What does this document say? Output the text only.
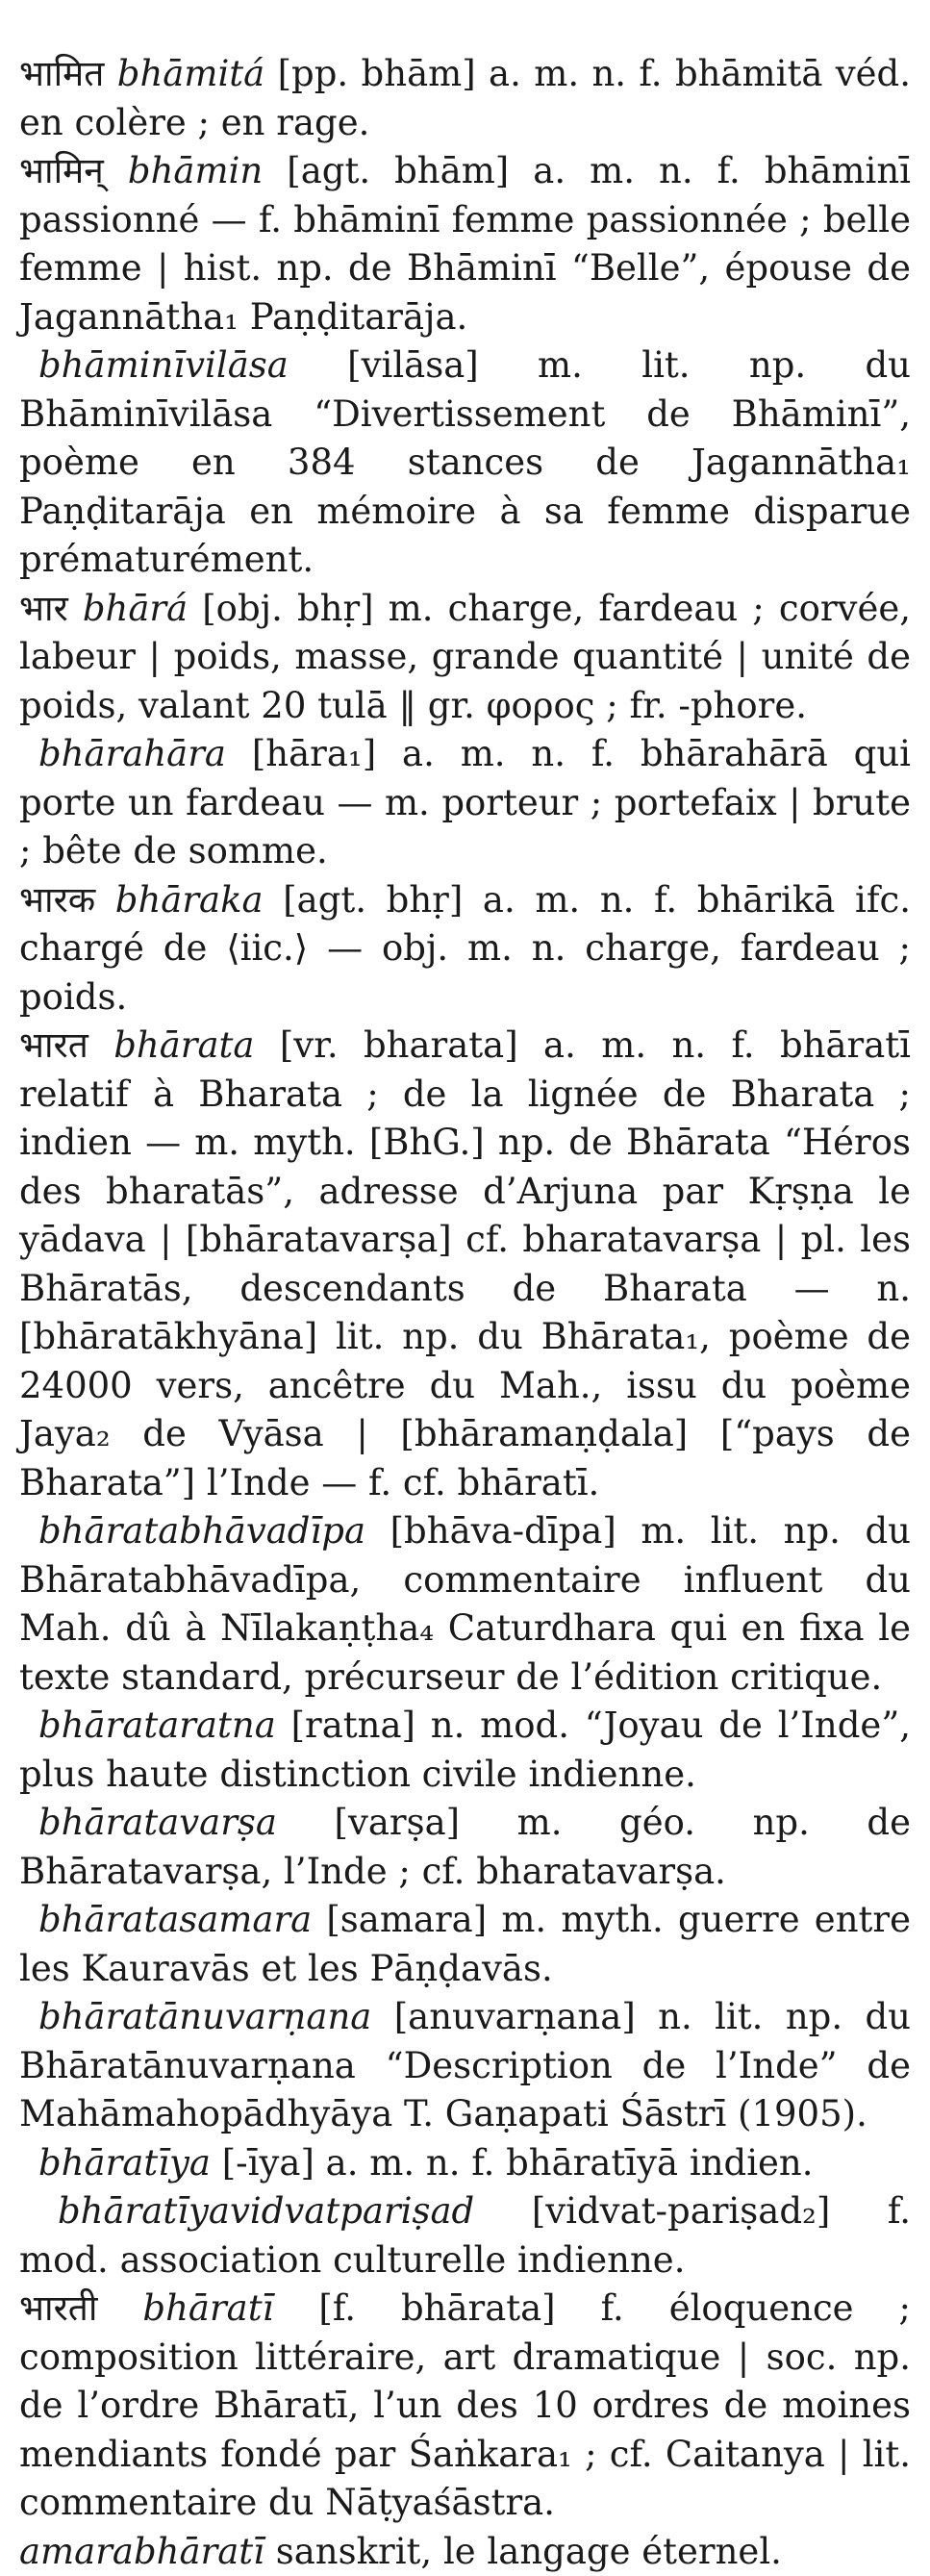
भामित bhāmitá [pp. bhām] a. m. n. f. bhāmitā véd. en colère ; en rage.

भामिन् bhāmin [agt. bhām] a. m. n. f. bhāminī passionné — f. bhāminī femme passionnée ; belle femme | hist. np. de Bhāminī “Belle”, épouse de Jagannātha₁ Paṇḍitarāja.

bhāminīvilāsa [vilāsa] m. lit. np. du Bhāminīvilāsa “Divertissement de Bhāminī”, poème en 384 stances de Jagannātha₁ Paṇḍitarāja en mémoire à sa femme disparue prématurément.

भार bhārá [obj. bhṛ] m. charge, fardeau ; corvée, labeur | poids, masse, grande quantité | unité de poids, valant 20 tulā ‖ gr. φορος ; fr. -phore.

bhārahāra [hāra₁] a. m. n. f. bhārahārā qui porte un fardeau — m. porteur ; portefaix | brute ; bête de somme.

भारक bhāraka [agt. bhṛ] a. m. n. f. bhārikā ifc. chargé de ⟨iic.⟩ — obj. m. n. charge, fardeau ; poids.

भारत bhārata [vr. bharata] a. m. n. f. bhāratī relatif à Bharata ; de la lignée de Bharata ; indien — m. myth. [BhG.] np. de Bhārata “Héros des bharatās”, adresse d’Arjuna par Kṛṣṇa le yādava | [bhāratavarṣa] cf. bharatavarṣa | pl. les Bhāratās, descendants de Bharata — n. [bhāratākhyāna] lit. np. du Bhārata₁, poème de 24000 vers, ancêtre du Mah., issu du poème Jaya₂ de Vyāsa | [bhāramaṇḍala] [“pays de Bharata”] l’Inde — f. cf. bhāratī.

bhāratabhāvadīpa [bhāva-dīpa] m. lit. np. du Bhāratabhāvadīpa, commentaire influent du Mah. dû à Nīlakaṇṭha₄ Caturdhara qui en fixa le texte standard, précurseur de l’édition critique.

bhārataratna [ratna] n. mod. “Joyau de l’Inde”, plus haute distinction civile indienne.

bhāratavarṣa [varṣa] m. géo. np. de Bhāratavarṣa, l’Inde ; cf. bharatavarṣa.

bhāratasamara [samara] m. myth. guerre entre les Kauravās et les Pāṇḍavās.

bhāratānuvarṇana [anuvarṇana] n. lit. np. du Bhāratānuvarṇana “Description de l’Inde” de Mahāmahopādhyāya T. Gaṇapati Śāstrī (1905).

bhāratīya [-īya] a. m. n. f. bhāratīyā indien.

bhāratīyavidvatpariṣad [vidvat-pariṣad₂] f. mod. association culturelle indienne.

भारती bhāratī [f. bhārata] f. éloquence ; composition littéraire, art dramatique | soc. np. de l’ordre Bhāratī, l’un des 10 ordres de moines mendiants fondé par Śaṅkara₁ ; cf. Caitanya | lit. commentaire du Nāṭyaśāstra.

amarabhāratī sanskrit, le langage éternel.
